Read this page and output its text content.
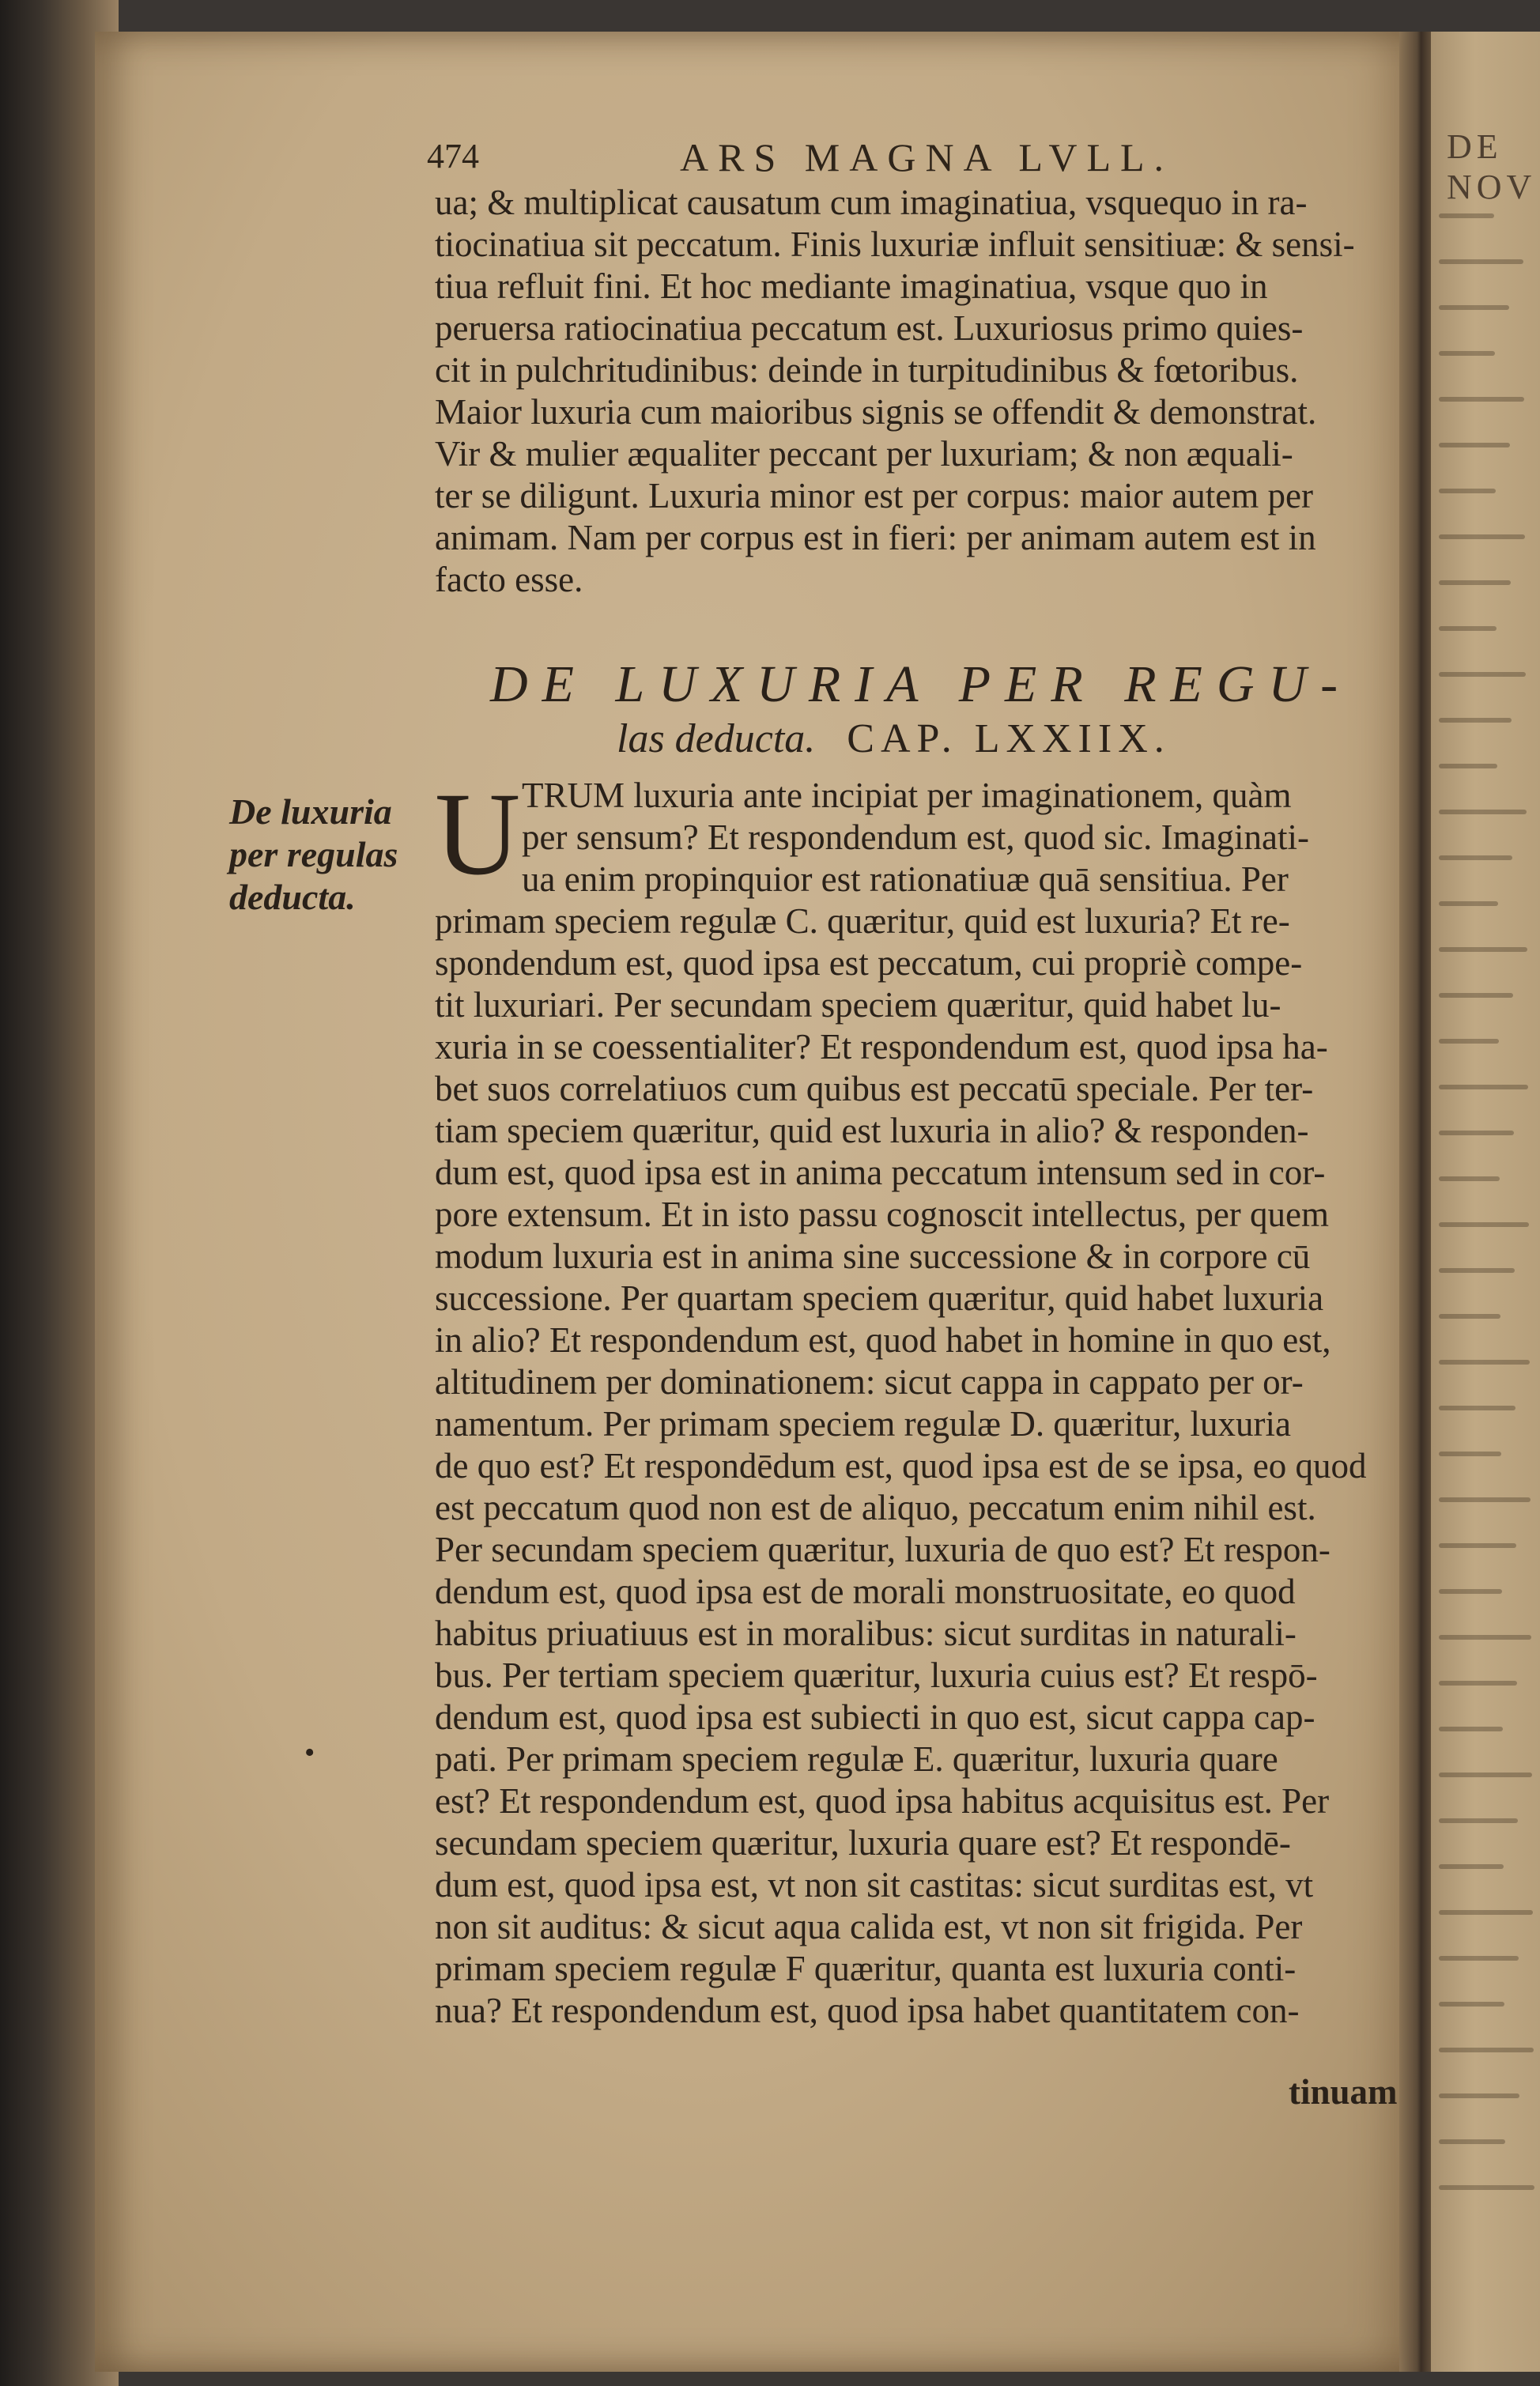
DE NOV
474	ARS MAGNA LVLL.

ua; & multiplicat causatum cum imaginatiua, vsquequo in ra-

tiocinatiua sit peccatum. Finis luxuriæ influit sensitiuæ: & sensi-

tiua refluit fini. Et hoc mediante imaginatiua, vsque quo in

peruersa ratiocinatiua peccatum est. Luxuriosus primo quies-

cit in pulchritudinibus: deinde in turpitudinibus & fœtoribus.

Maior luxuria cum maioribus signis se offendit & demonstrat.

Vir & mulier æqualiter peccant per luxuriam; & non æquali-

ter se diligunt. Luxuria minor est per corpus: maior autem per

animam. Nam per corpus est in fieri: per animam autem est in

facto esse.

DE LUXURIA PER REGU-
las deducta. CAP. LXXIIX.
De luxuria
per regulas
deducta. U TRUM luxuria ante incipiat per imaginationem, quàm

per sensum? Et respondendum est, quod sic. Imaginati-

ua enim propinquior est rationatiuæ quā sensitiua. Per

primam speciem regulæ C. quæritur, quid est luxuria? Et re-

spondendum est, quod ipsa est peccatum, cui propriè compe-

tit luxuriari. Per secundam speciem quæritur, quid habet lu-

xuria in se coessentialiter? Et respondendum est, quod ipsa ha-

bet suos correlatiuos cum quibus est peccatū speciale. Per ter-

tiam speciem quæritur, quid est luxuria in alio? & responden-

dum est, quod ipsa est in anima peccatum intensum sed in cor-

pore extensum. Et in isto passu cognoscit intellectus, per quem

modum luxuria est in anima sine successione & in corpore cū

successione. Per quartam speciem quæritur, quid habet luxuria

in alio? Et respondendum est, quod habet in homine in quo est,

altitudinem per dominationem: sicut cappa in cappato per or-

namentum. Per primam speciem regulæ D. quæritur, luxuria

de quo est? Et respondēdum est, quod ipsa est de se ipsa, eo quod

est peccatum quod non est de aliquo, peccatum enim nihil est.

Per secundam speciem quæritur, luxuria de quo est? Et respon-

dendum est, quod ipsa est de morali monstruositate, eo quod

habitus priuatiuus est in moralibus: sicut surditas in naturali-

bus. Per tertiam speciem quæritur, luxuria cuius est? Et respō-

dendum est, quod ipsa est subiecti in quo est, sicut cappa cap-

pati. Per primam speciem regulæ E. quæritur, luxuria quare

est? Et respondendum est, quod ipsa habitus acquisitus est. Per

secundam speciem quæritur, luxuria quare est? Et respondē-

dum est, quod ipsa est, vt non sit castitas: sicut surditas est, vt

non sit auditus: & sicut aqua calida est, vt non sit frigida. Per

primam speciem regulæ F quæritur, quanta est luxuria conti-

nua? Et respondendum est, quod ipsa habet quantitatem con-

•
tinuam
